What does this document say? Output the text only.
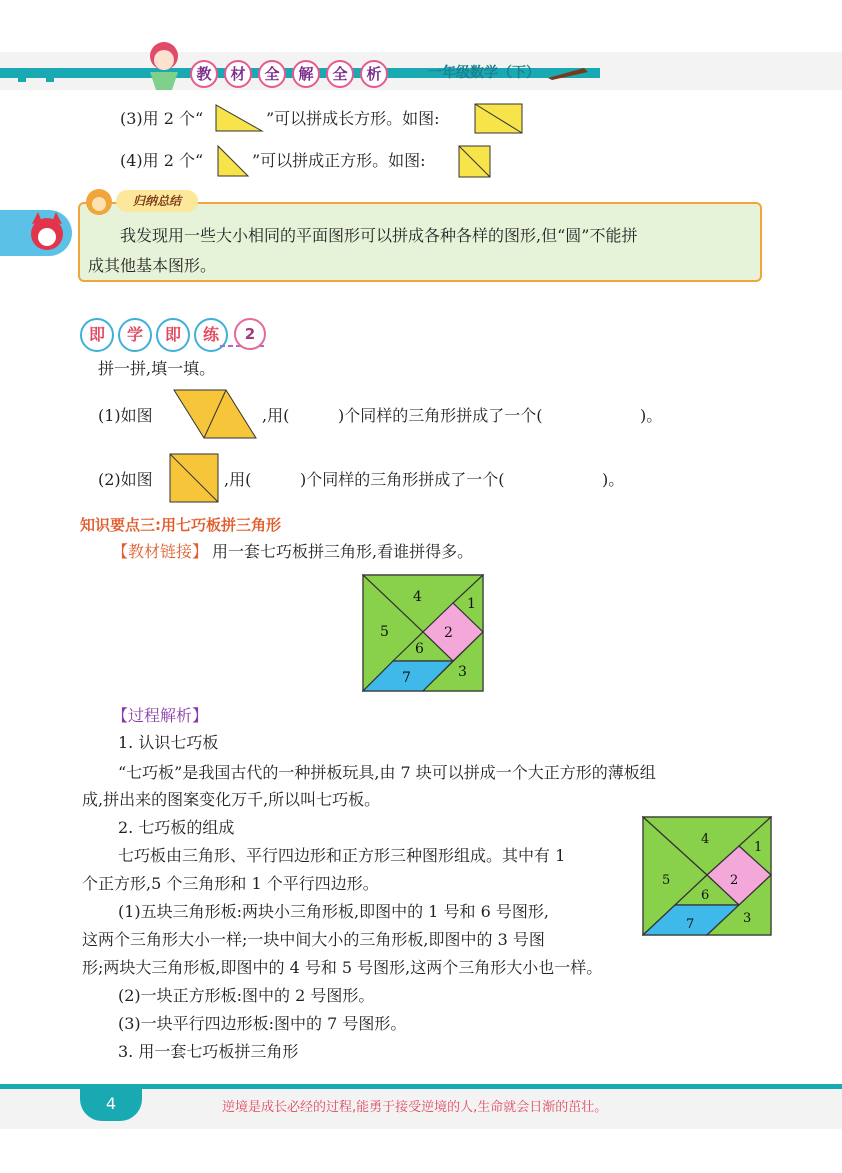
教	材	全	解	全	析	一年级数学（下）
(3)用 2 个“	”可以拼成长方形。如图:
(4)用 2 个“	”可以拼成正方形。如图:
归纳总结
我发现用一些大小相同的平面图形可以拼成各种各样的图形,但“圆”不能拼
成其他基本图形。
即	学	即	练	2
拼一拼,填一填。
(1)如图	,用(	)个同样的三角形拼成了一个(	)。
(2)如图	,用(	)个同样的三角形拼成了一个(	)。
知识要点三:用七巧板拼三角形
【教材链接】 用一套七巧板拼三角形,看谁拼得多。
1
2
3
4
5
6
7
【过程解析】
1. 认识七巧板
“七巧板”是我国古代的一种拼板玩具,由 7 块可以拼成一个大正方形的薄板组
成,拼出来的图案变化万千,所以叫七巧板。
2. 七巧板的组成
七巧板由三角形、平行四边形和正方形三种图形组成。其中有 1
个正方形,5 个三角形和 1 个平行四边形。
(1)五块三角形板:两块小三角形板,即图中的 1 号和 6 号图形,
这两个三角形大小一样;一块中间大小的三角形板,即图中的 3 号图
形;两块大三角形板,即图中的 4 号和 5 号图形,这两个三角形大小也一样。
(2)一块正方形板:图中的 2 号图形。
(3)一块平行四边形板:图中的 7 号图形。
3. 用一套七巧板拼三角形
1
2
3
4
5
6
7
4	逆境是成长必经的过程,能勇于接受逆境的人,生命就会日渐的茁壮。
